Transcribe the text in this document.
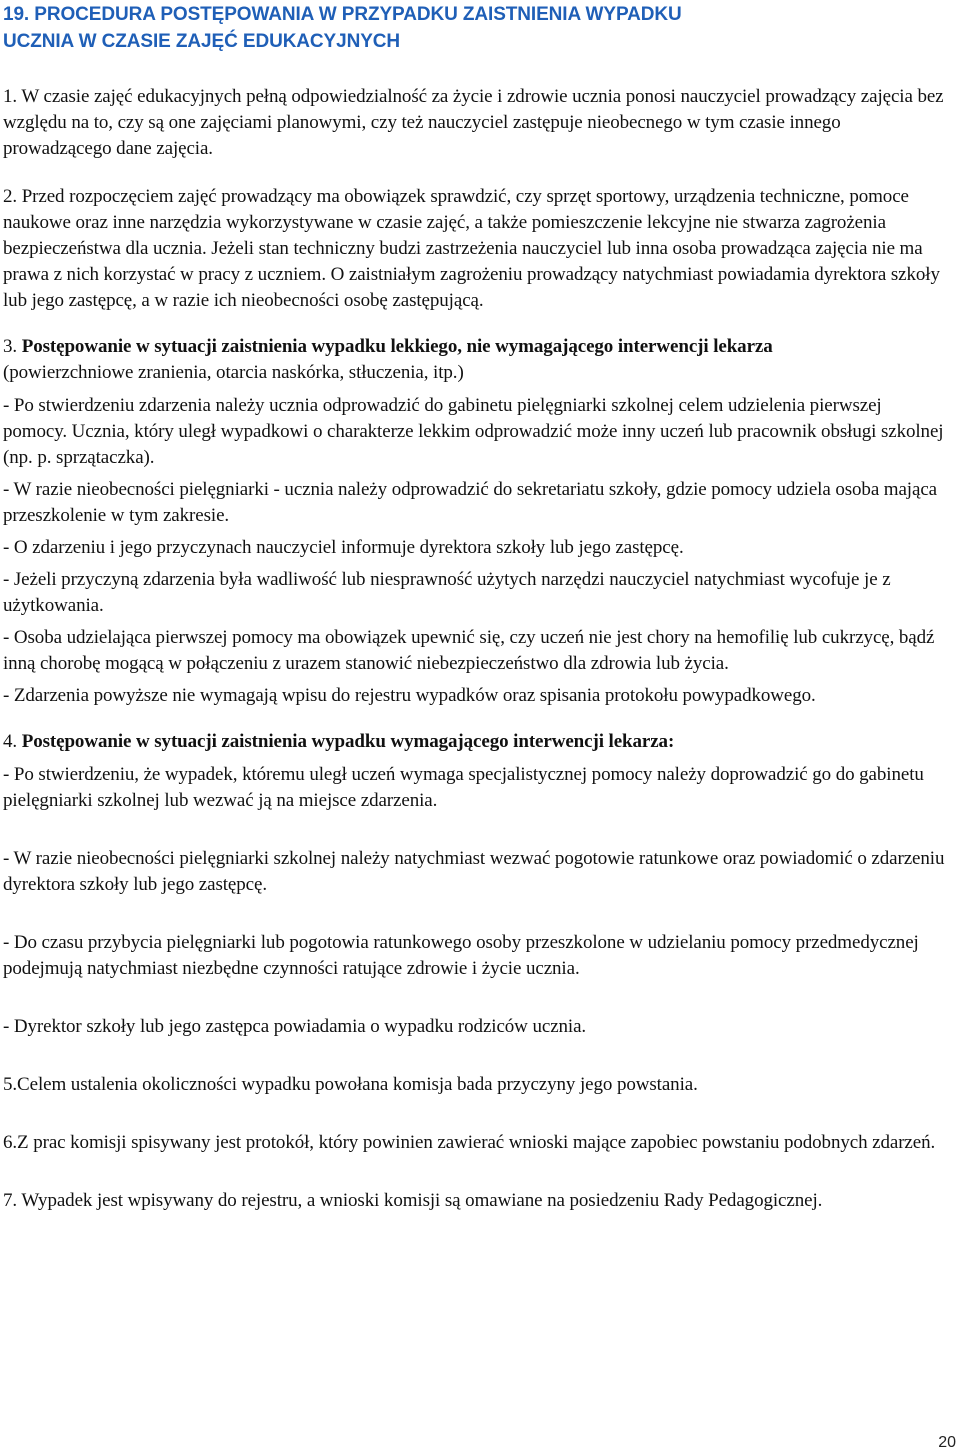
19. PROCEDURA POSTĘPOWANIA W PRZYPADKU ZAISTNIENIA WYPADKU
UCZNIA W CZASIE ZAJĘĆ EDUKACYJNYCH

1. W czasie zajęć edukacyjnych pełną odpowiedzialność za życie i zdrowie ucznia ponosi nauczyciel prowadzący zajęcia bez względu na to, czy są one zajęciami planowymi, czy też nauczyciel zastępuje nieobecnego w tym czasie innego prowadzącego dane zajęcia.

2. Przed rozpoczęciem zajęć prowadzący ma obowiązek sprawdzić, czy sprzęt sportowy, urządzenia techniczne, pomoce naukowe oraz inne narzędzia wykorzystywane w czasie zajęć, a także pomieszczenie lekcyjne nie stwarza zagrożenia bezpieczeństwa dla ucznia. Jeżeli stan techniczny budzi zastrzeżenia nauczyciel lub inna osoba prowadząca zajęcia nie ma prawa z nich korzystać w pracy z uczniem. O zaistniałym zagrożeniu prowadzący natychmiast powiadamia dyrektora szkoły lub jego zastępcę, a w razie ich nieobecności osobę zastępującą.

3. Postępowanie w sytuacji zaistnienia wypadku lekkiego, nie wymagającego interwencji lekarza

(powierzchniowe zranienia, otarcia naskórka, stłuczenia, itp.)

- Po stwierdzeniu zdarzenia należy ucznia odprowadzić do gabinetu pielęgniarki szkolnej celem udzielenia pierwszej pomocy. Ucznia, który uległ wypadkowi o charakterze lekkim odprowadzić może inny uczeń lub pracownik obsługi szkolnej (np. p. sprzątaczka).

- W razie nieobecności pielęgniarki - ucznia należy odprowadzić do sekretariatu szkoły, gdzie pomocy udziela osoba mająca przeszkolenie w tym zakresie.

- O zdarzeniu i jego przyczynach nauczyciel informuje dyrektora szkoły lub jego zastępcę.

- Jeżeli przyczyną zdarzenia była wadliwość lub niesprawność użytych narzędzi nauczyciel natychmiast wycofuje je z użytkowania.

- Osoba udzielająca pierwszej pomocy ma obowiązek upewnić się, czy uczeń nie jest chory na hemofilię lub cukrzycę, bądź inną chorobę mogącą w połączeniu z urazem stanowić niebezpieczeństwo dla zdrowia lub życia.

- Zdarzenia powyższe nie wymagają wpisu do rejestru wypadków oraz spisania protokołu powypadkowego.

4. Postępowanie w sytuacji zaistnienia wypadku wymagającego interwencji lekarza:

- Po stwierdzeniu, że wypadek, któremu uległ uczeń wymaga specjalistycznej pomocy należy doprowadzić go do gabinetu pielęgniarki szkolnej lub wezwać ją na miejsce zdarzenia.

- W razie nieobecności pielęgniarki szkolnej należy natychmiast wezwać pogotowie ratunkowe oraz powiadomić o zdarzeniu dyrektora szkoły lub jego zastępcę.

- Do czasu przybycia pielęgniarki lub pogotowia ratunkowego osoby przeszkolone w udzielaniu pomocy przedmedycznej podejmują natychmiast niezbędne czynności ratujące zdrowie i życie ucznia.

- Dyrektor szkoły lub jego zastępca powiadamia o wypadku rodziców ucznia.

5.Celem ustalenia okoliczności wypadku powołana komisja bada przyczyny jego powstania.

6.Z prac komisji spisywany jest protokół, który powinien zawierać wnioski mające zapobiec powstaniu podobnych zdarzeń.

7. Wypadek jest wpisywany do rejestru, a wnioski komisji są omawiane na posiedzeniu Rady Pedagogicznej.

20
